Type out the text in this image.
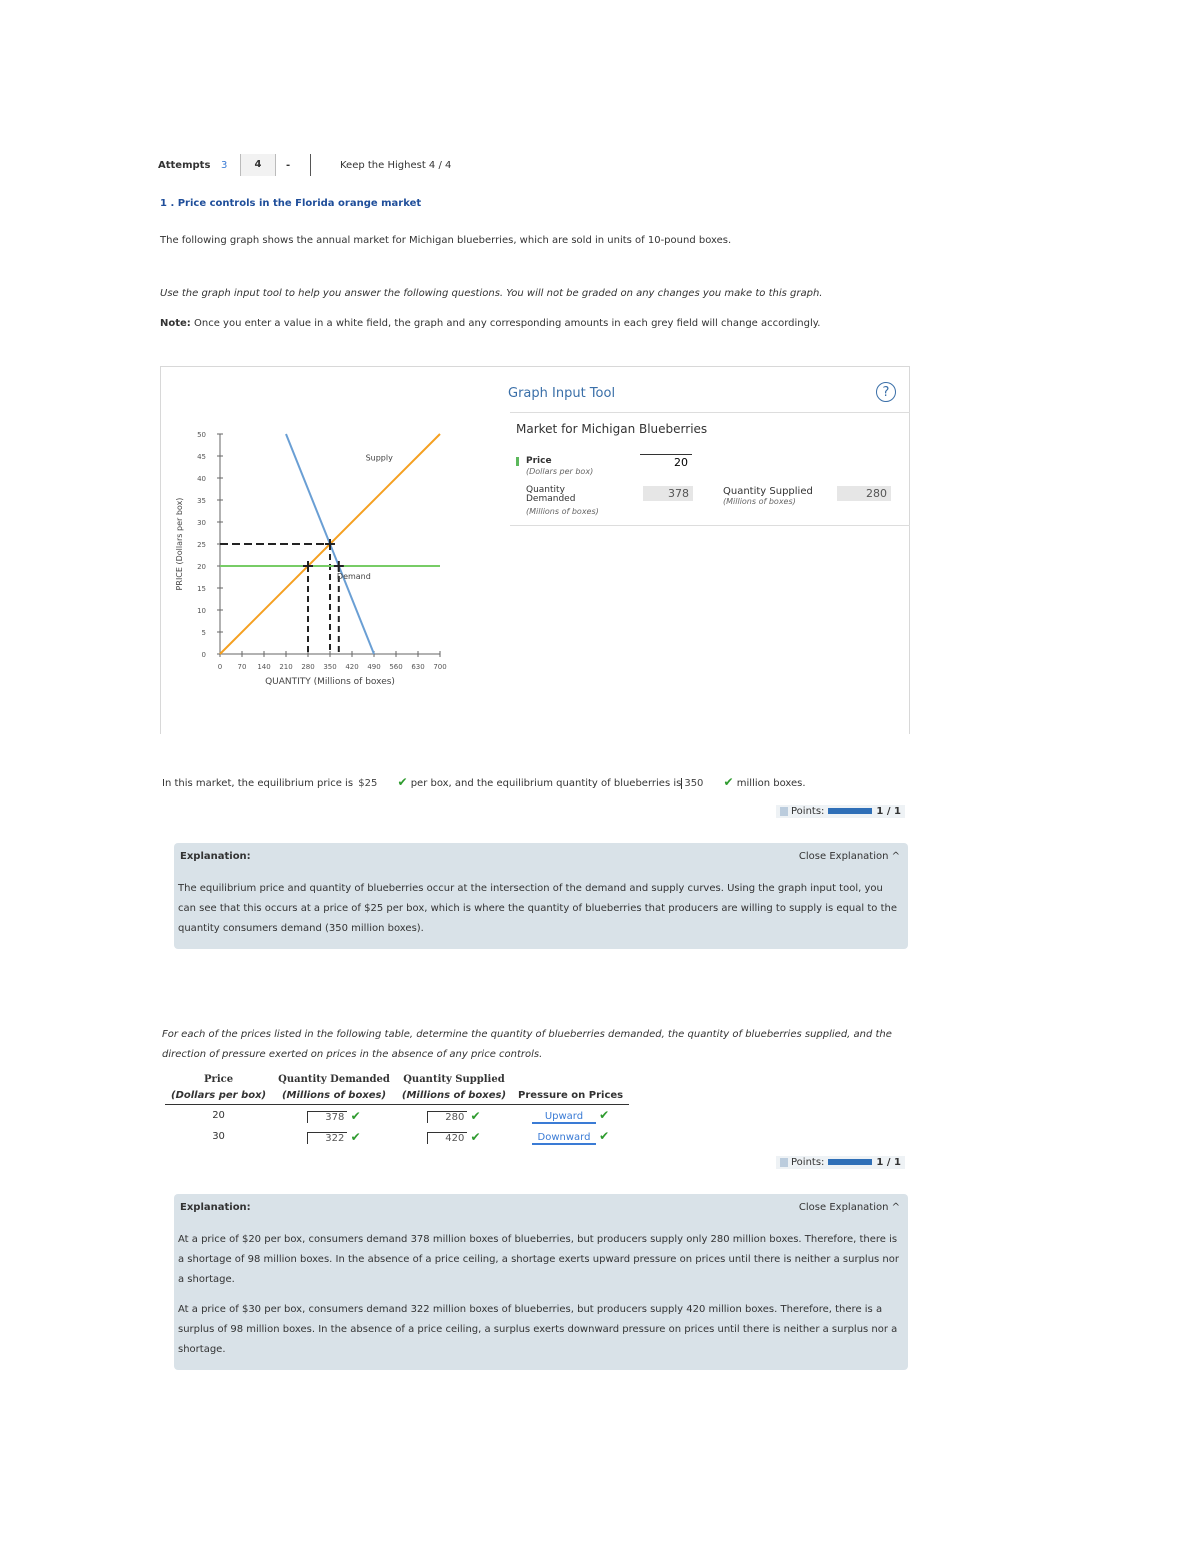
Attempts 3	4	-	Keep the Highest 4 / 4
1 . Price controls in the Florida orange market
The following graph shows the annual market for Michigan blueberries, which are sold in units of 10-pound boxes.
Use the graph input tool to help you answer the following questions. You will not be graded on any changes you make to this graph.
Note: Once you enter a value in a white field, the graph and any corresponding amounts in each grey field will change accordingly.
0
5
10
15
20
25
30
35
40
45
50
0 70 140 210 280 350 420 490 560 630 700
QUANTITY (Millions of boxes)
PRICE (Dollars per box)
Supply
Demand
Graph Input Tool	?
Market for Michigan Blueberries
Price
(Dollars per box)
20
Quantity Demanded
(Millions of boxes)
378	Quantity Supplied
(Millions of boxes)
280
In this market, the equilibrium price is $25 ✔ per box, and the equilibrium quantity of blueberries is 350 ✔ million boxes.
Points:	1 / 1
Explanation:	Close Explanation ^
The equilibrium price and quantity of blueberries occur at the intersection of the demand and supply curves. Using the graph input tool, you can see that this occurs at a price of $25 per box, which is where the quantity of blueberries that producers are willing to supply is equal to the quantity consumers demand (350 million boxes).
For each of the prices listed in the following table, determine the quantity of blueberries demanded, the quantity of blueberries supplied, and the direction of pressure exerted on prices in the absence of any price controls.
Price	Quantity Demanded	Quantity Supplied	
(Dollars per box)	(Millions of boxes)	(Millions of boxes)	Pressure on Prices
20	378 ✔	280 ✔	Upward ✔
30	322 ✔	420 ✔	Downward ✔
Points:	1 / 1
Explanation:	Close Explanation ^
At a price of $20 per box, consumers demand 378 million boxes of blueberries, but producers supply only 280 million boxes. Therefore, there is a shortage of 98 million boxes. In the absence of a price ceiling, a shortage exerts upward pressure on prices until there is neither a surplus nor a shortage.
At a price of $30 per box, consumers demand 322 million boxes of blueberries, but producers supply 420 million boxes. Therefore, there is a surplus of 98 million boxes. In the absence of a price ceiling, a surplus exerts downward pressure on prices until there is neither a surplus nor a shortage.
